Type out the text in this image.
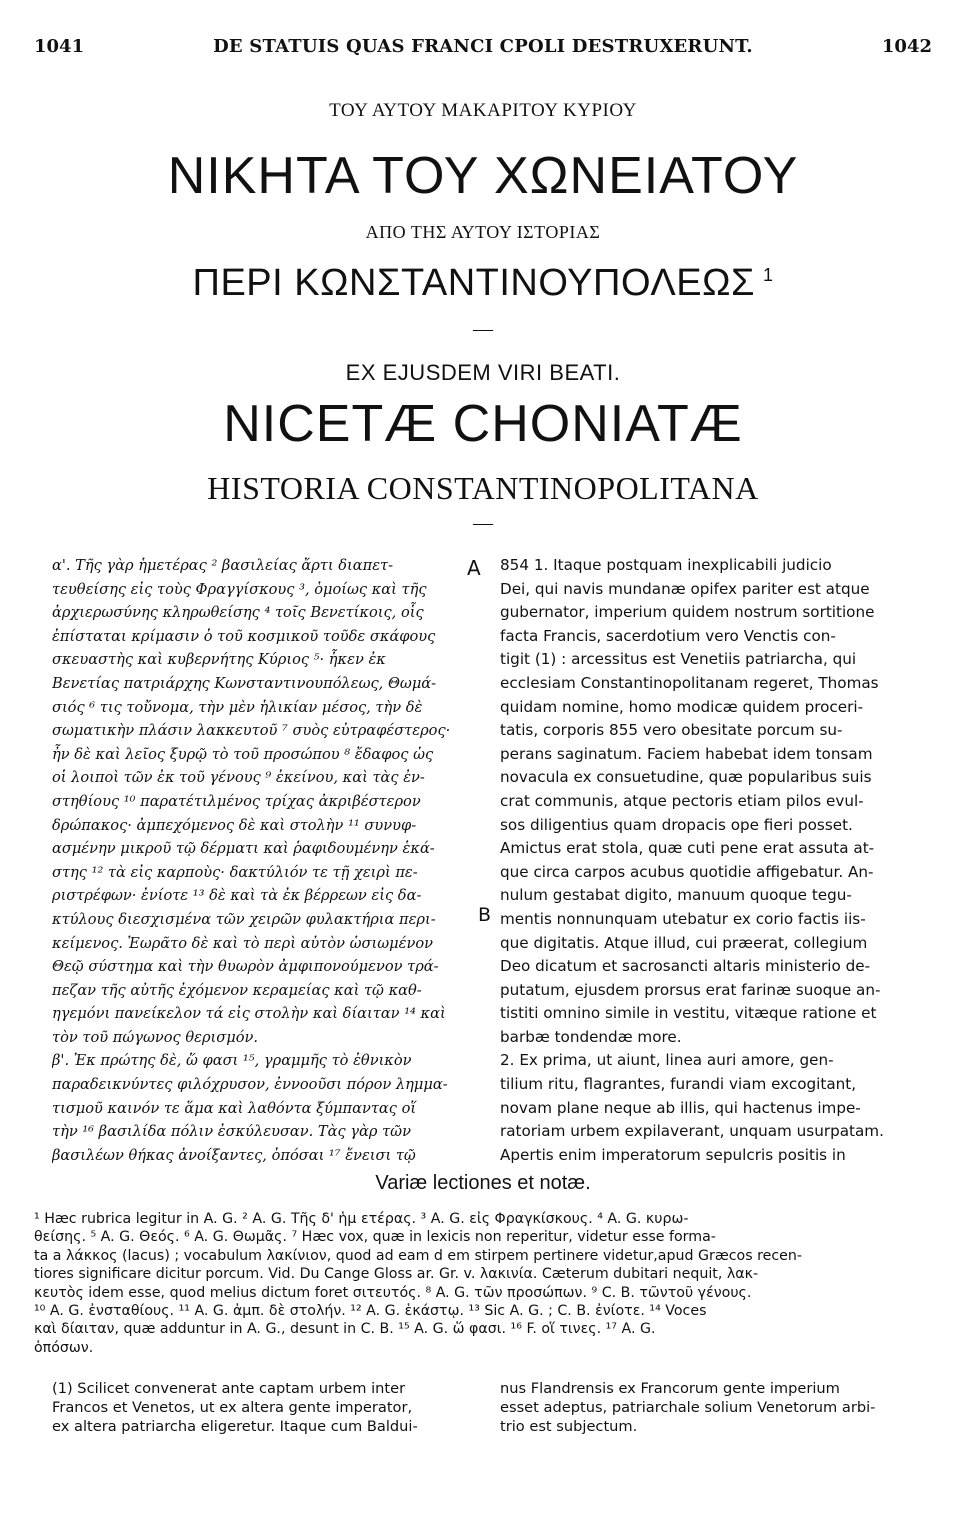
1041	DE STATUIS QUAS FRANCI CPOLI DESTRUXERUNT.	1042
ΤΟΥ ΑΥΤΟΥ ΜΑΚΑΡΙΤΟΥ ΚΥΡΙΟΥ
ΝΙΚΗΤΑ ΤΟΥ ΧΩΝΕΙΑΤΟΥ
ΑΠΟ ΤΗΣ ΑΥΤΟΥ ΙΣΤΟΡΙΑΣ
ΠΕΡΙ ΚΩΝΣΤΑΝΤΙΝΟΥΠΟΛΕΩΣ $^1$
—
EX EJUSDEM VIRI BEATI.
NICETÆ CHONIATÆ
HISTORIA CONSTANTINOPOLITANA
—
A
B
α'. Τῆς γὰρ ἡμετέρας ² βασιλείας ἄρτι διαπετ-
τευθείσης εἰς τοὺς Φραγγίσκους ³, ὁμοίως καὶ τῆς
ἀρχιερωσύνης κληρωθείσης ⁴ τοῖς Βενετίκοις, οἷς
ἐπίσταται κρίμασιν ὁ τοῦ κοσμικοῦ τοῦδε σκάφους
σκευαστὴς καὶ κυβερνήτης Κύριος ⁵· ἧκεν ἐκ
Βενετίας πατριάρχης Κωνσταντινουπόλεως, Θωμά-
σιός ⁶ τις τοὔνομα, τὴν μὲν ἡλικίαν μέσος, τὴν δὲ
σωματικὴν πλάσιν λακκευτοῦ ⁷ συὸς εὐτραφέστερος·
ἦν δὲ καὶ λεῖος ξυρῷ τὸ τοῦ προσώπου ⁸ ἔδαφος ὡς
οἱ λοιποὶ τῶν ἐκ τοῦ γένους ⁹ ἐκείνου, καὶ τὰς ἐν-
στηθίους ¹⁰ παρατέτιλμένος τρίχας ἀκριβέστερον
δρώπακος· ἀμπεχόμενος δὲ καὶ στολὴν ¹¹ συνυφ-
ασμένην μικροῦ τῷ δέρματι καὶ ῥαφιδουμένην ἑκά-
στης ¹² τὰ εἰς καρποὺς· δακτύλιόν τε τῇ χειρὶ πε-
ριστρέφων· ἐνίοτε ¹³ δὲ καὶ τὰ ἐκ βέρρεων εἰς δα-
κτύλους διεσχισμένα τῶν χειρῶν φυλακτήρια περι-
κείμενος. Ἑωρᾶτο δὲ καὶ τὸ περὶ αὐτὸν ὡσιωμένον
Θεῷ σύστημα καὶ τὴν θυωρὸν ἀμφιπονούμενον τρά-
πεζαν τῆς αὐτῆς ἐχόμενον κεραμείας καὶ τῷ καθ-
ηγεμόνι πανείκελον τά εἰς στολὴν καὶ δίαιταν ¹⁴ καὶ
τὸν τοῦ πώγωνος θερισμόν.
β'. Ἐκ πρώτης δὲ, ὥ φασι ¹⁵, γραμμῆς τὸ ἐθνικὸν
παραδεικνύντες φιλόχρυσον, ἐννοοῦσι πόρον λημμα-
τισμοῦ καινόν τε ἅμα καὶ λαθόντα ξύμπαντας οἵ
τὴν ¹⁶ βασιλίδα πόλιν ἐσκύλευσαν. Τὰς γὰρ τῶν
βασιλέων θήκας ἀνοίξαντες, ὁπόσαι ¹⁷ ἔνεισι τῷ
854 1. Itaque postquam inexplicabili judicio
Dei, qui navis mundanæ opifex pariter est atque
gubernator, imperium quidem nostrum sortitione
facta Francis, sacerdotium vero Venctis con-
tigit (1) : arcessitus est Venetiis patriarcha, qui
ecclesiam Constantinopolitanam regeret, Thomas
quidam nomine, homo modicæ quidem proceri-
tatis, corporis 855 vero obesitate porcum su-
perans saginatum. Faciem habebat idem tonsam
novacula ex consuetudine, quæ popularibus suis
crat communis, atque pectoris etiam pilos evul-
sos diligentius quam dropacis ope fieri posset.
Amictus erat stola, quæ cuti pene erat assuta at-
que circa carpos acubus quotidie affigebatur. An-
nulum gestabat digito, manuum quoque tegu-
mentis nonnunquam utebatur ex corio factis iis-
que digitatis. Atque illud, cui præerat, collegium
Deo dicatum et sacrosancti altaris ministerio de-
putatum, ejusdem prorsus erat farinæ suoque an-
tistiti omnino simile in vestitu, vitæque ratione et
barbæ tondendæ more.
2. Ex prima, ut aiunt, linea auri amore, gen-
tilium ritu, flagrantes, furandi viam excogitant,
novam plane neque ab illis, qui hactenus impe-
ratoriam urbem expilaverant, unquam usurpatam.
Apertis enim imperatorum sepulcris positis in
Variæ lectiones et notæ.
¹ Hæc rubrica legitur in A. G. ² A. G. Τῆς δ' ἡμ ετέρας. ³ A. G. εἰς Φραγκίσκους. ⁴ A. G. κυρω-
θείσης. ⁵ A. G. Θεός. ⁶ A. G. Θωμᾶς. ⁷ Hæc vox, quæ in lexicis non reperitur, videtur esse forma-
ta a λάκκος (lacus) ; vocabulum λακίνιον, quod ad eam d em stirpem pertinere videtur,apud Græcos recen-
tiores significare dicitur porcum. Vid. Du Cange Gloss ar. Gr. v. λακινία. Cæterum dubitari nequit, λακ-
κευτὸς idem esse, quod melius dictum foret σιτευτός. ⁸ A. G. τῶν προσώπων. ⁹ C. B. τῶντοῦ γένους.
¹⁰ A. G. ἐνσταθίους. ¹¹ A. G. ἀμπ. δὲ στολήν. ¹² A. G. ἑκάστῳ. ¹³ Sic A. G. ; C. B. ἐνίοτε. ¹⁴ Voces
καὶ δίαιταν, quæ adduntur in A. G., desunt in C. B. ¹⁵ A. G. ὥ φασι. ¹⁶ F. οἵ τινες. ¹⁷ A. G.
ὁπόσων.
(1) Scilicet convenerat ante captam urbem inter
Francos et Venetos, ut ex altera gente imperator,
ex altera patriarcha eligeretur. Itaque cum Baldui-
nus Flandrensis ex Francorum gente imperium
esset adeptus, patriarchale solium Venetorum arbi-
trio est subjectum.
